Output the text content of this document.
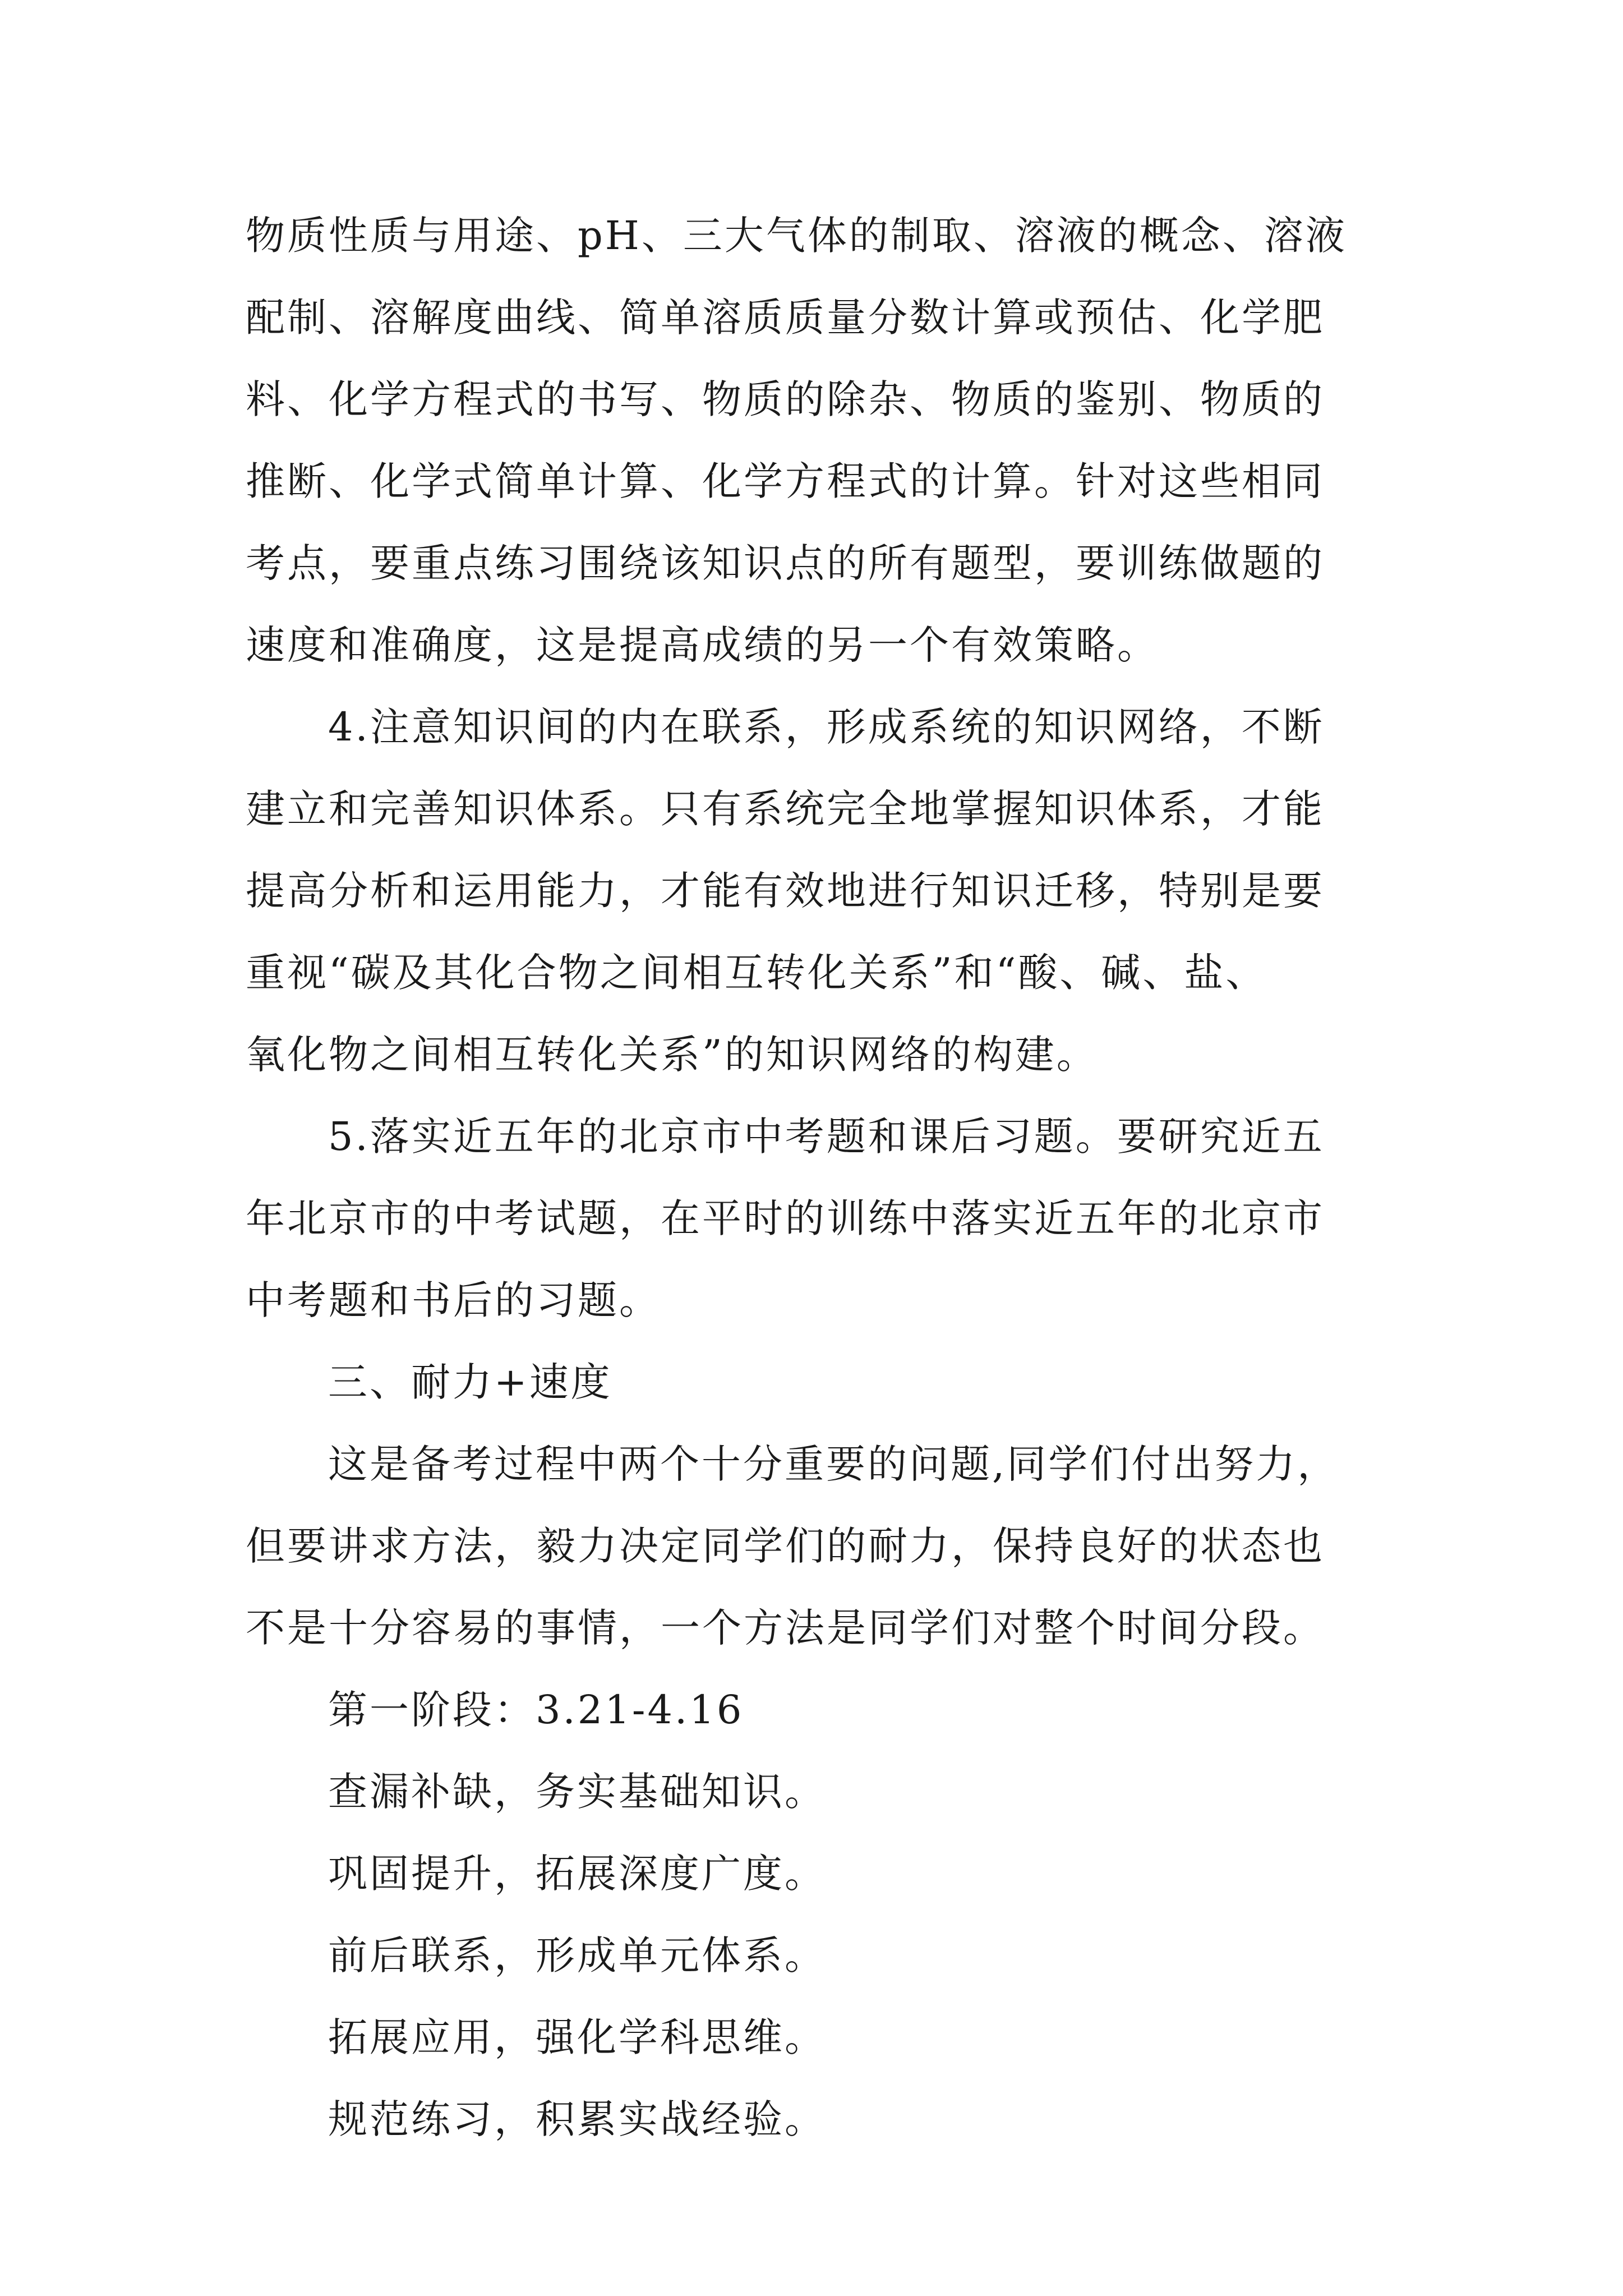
物质性质与用途、pH、三大气体的制取、溶液的概念、溶液
配制、溶解度曲线、简单溶质质量分数计算或预估、化学肥
料、化学方程式的书写、物质的除杂、物质的鉴别、物质的
推断、化学式简单计算、化学方程式的计算。针对这些相同
考点，要重点练习围绕该知识点的所有题型，要训练做题的
速度和准确度，这是提高成绩的另一个有效策略。
4.注意知识间的内在联系，形成系统的知识网络，不断
建立和完善知识体系。只有系统完全地掌握知识体系，才能
提高分析和运用能力，才能有效地进行知识迁移，特别是要
重视“碳及其化合物之间相互转化关系”和“酸、碱、盐、
氧化物之间相互转化关系”的知识网络的构建。
5.落实近五年的北京市中考题和课后习题。要研究近五
年北京市的中考试题，在平时的训练中落实近五年的北京市
中考题和书后的习题。
三、耐力+速度
这是备考过程中两个十分重要的问题,同学们付出努力，
但要讲求方法，毅力决定同学们的耐力，保持良好的状态也
不是十分容易的事情，一个方法是同学们对整个时间分段。
第一阶段：3.21-4.16
查漏补缺，务实基础知识。
巩固提升，拓展深度广度。
前后联系，形成单元体系。
拓展应用，强化学科思维。
规范练习，积累实战经验。
